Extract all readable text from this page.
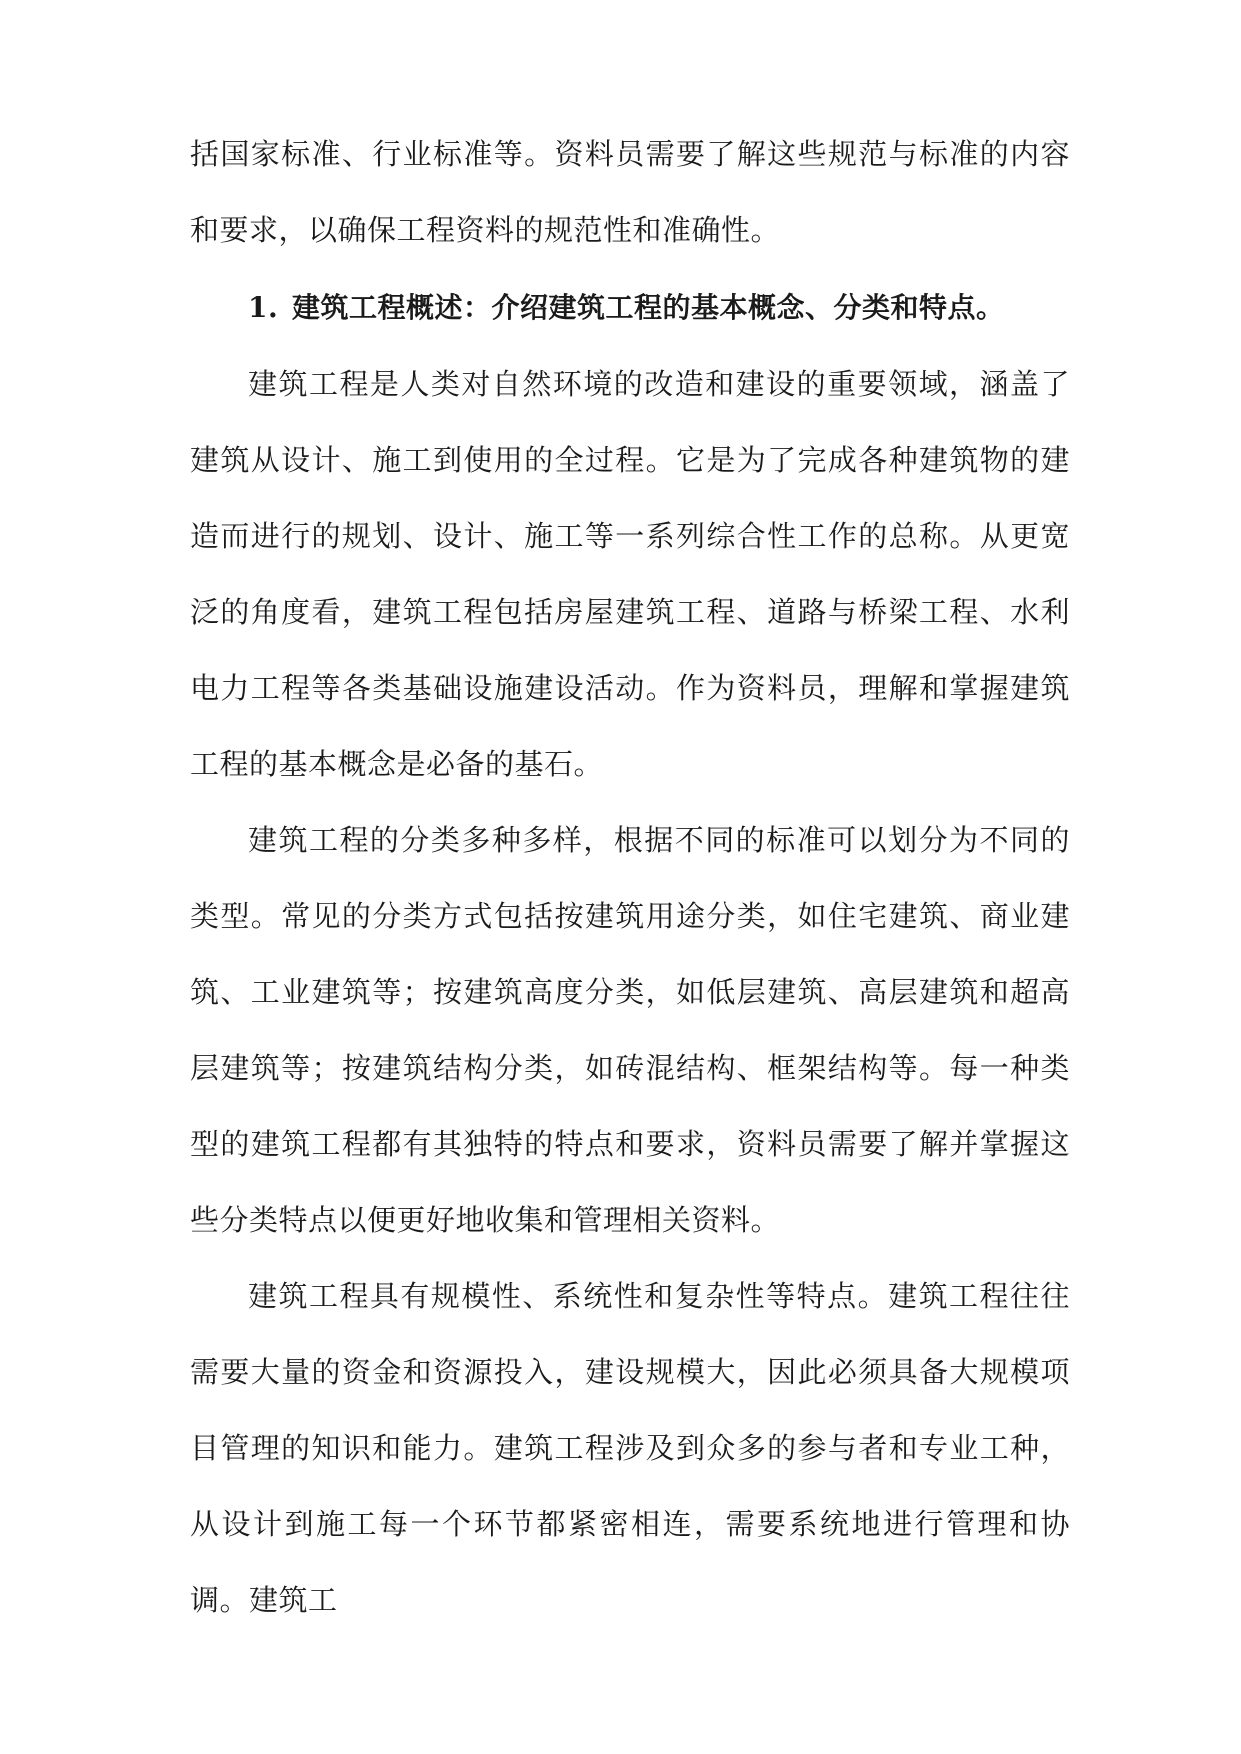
括国家标准、行业标准等。资料员需要了解这些规范与标准的内容和要求，以确保工程资料的规范性和准确性。

1. 建筑工程概述：介绍建筑工程的基本概念、分类和特点。

建筑工程是人类对自然环境的改造和建设的重要领域，涵盖了建筑从设计、施工到使用的全过程。它是为了完成各种建筑物的建造而进行的规划、设计、施工等一系列综合性工作的总称。从更宽泛的角度看，建筑工程包括房屋建筑工程、道路与桥梁工程、水利电力工程等各类基础设施建设活动。作为资料员，理解和掌握建筑工程的基本概念是必备的基石。

建筑工程的分类多种多样，根据不同的标准可以划分为不同的类型。常见的分类方式包括按建筑用途分类，如住宅建筑、商业建筑、工业建筑等；按建筑高度分类，如低层建筑、高层建筑和超高层建筑等；按建筑结构分类，如砖混结构、框架结构等。每一种类型的建筑工程都有其独特的特点和要求，资料员需要了解并掌握这些分类特点以便更好地收集和管理相关资料。

建筑工程具有规模性、系统性和复杂性等特点。建筑工程往往需要大量的资金和资源投入，建设规模大，因此必须具备大规模项目管理的知识和能力。建筑工程涉及到众多的参与者和专业工种，从设计到施工每一个环节都紧密相连，需要系统地进行管理和协调。建筑工
